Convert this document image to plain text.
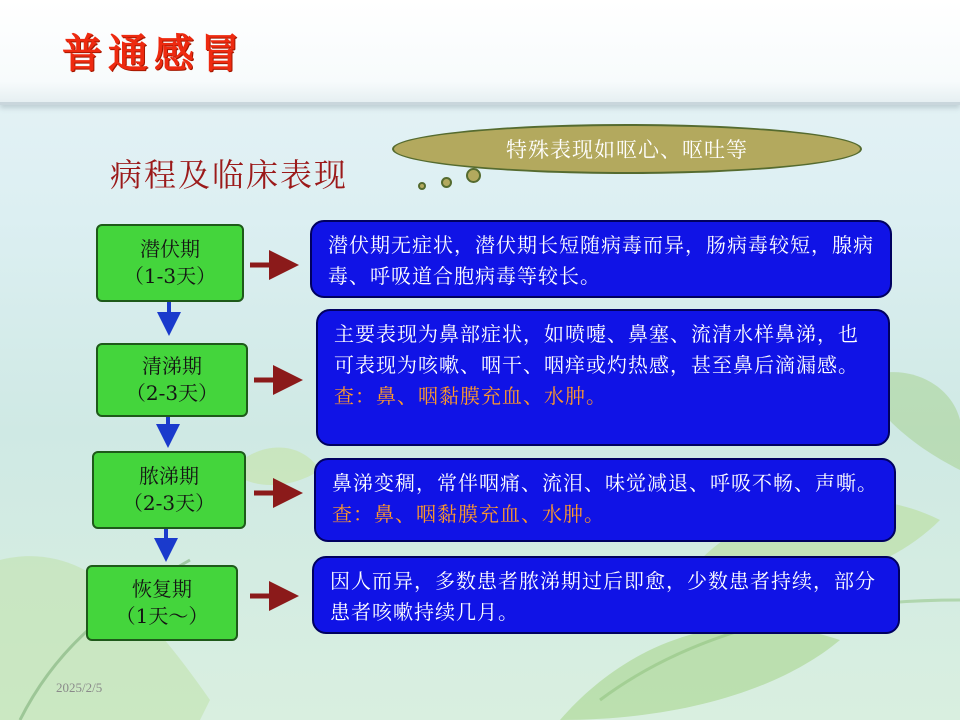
普通感冒
病程及临床表现
特殊表现如呕心、呕吐等
潜伏期
（1-3天）
清涕期
（2-3天）
脓涕期
（2-3天）
恢复期
（1天～）
潜伏期无症状，潜伏期长短随病毒而异，肠病毒较短，腺病毒、呼吸道合胞病毒等较长。
主要表现为鼻部症状，如喷嚏、鼻塞、流清水样鼻涕，也可表现为咳嗽、咽干、咽痒或灼热感，甚至鼻后滴漏感。查：鼻、咽黏膜充血、水肿。
鼻涕变稠，常伴咽痛、流泪、味觉减退、呼吸不畅、声嘶。查：鼻、咽黏膜充血、水肿。
因人而异，多数患者脓涕期过后即愈，少数患者持续，部分患者咳嗽持续几月。
2025/2/5
